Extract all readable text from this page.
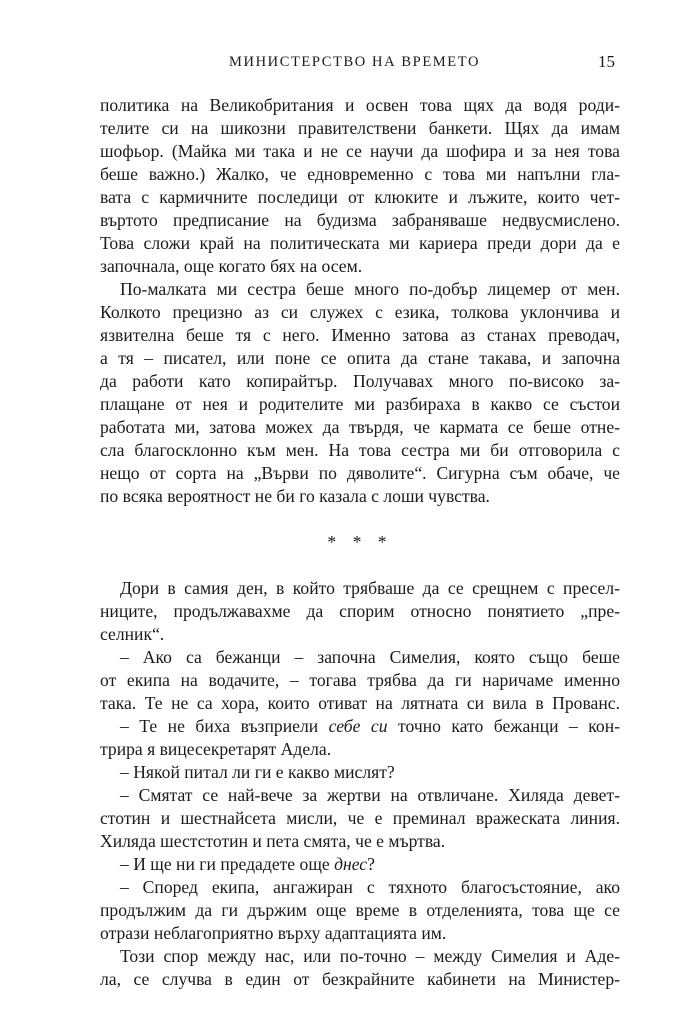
МИНИСТЕРСТВО НА ВРЕМЕТО	15
политика на Великобритания и освен това щях да водя роди-
телите си на шикозни правителствени банкети. Щях да имам
шофьор. (Майка ми така и не се научи да шофира и за нея това
беше важно.) Жалко, че едновременно с това ми напълни гла-
вата с кармичните последици от клюките и лъжите, които чет-
въртото предписание на будизма забраняваше недвусмислено.
Това сложи край на политическата ми кариера преди дори да е
започнала, още когато бях на осем.
По-малката ми сестра беше много по-добър лицемер от мен.
Колкото прецизно аз си служех с езика, толкова уклончива и
язвителна беше тя с него. Именно затова аз станах преводач,
а тя – писател, или поне се опита да стане такава, и започна
да работи като копирайтър. Получавах много по-високо за-
плащане от нея и родителите ми разбираха в какво се състои
работата ми, затова можех да твърдя, че кармата се беше отне-
сла благосклонно към мен. На това сестра ми би отговорила с
нещо от сорта на „Върви по дяволите“. Сигурна съм обаче, че
по всяка вероятност не би го казала с лоши чувства.
* * *
Дори в самия ден, в който трябваше да се срещнем с пресел-
ниците, продължавахме да спорим относно понятието „пре-
селник“.
– Ако са бежанци – започна Симелия, която също беше
от екипа на водачите, – тогава трябва да ги наричаме именно
така. Те не са хора, които отиват на лятната си вила в Прованс.
– Те не биха възприели себе си точно като бежанци – кон-
трира я вицесекретарят Адела.
– Някой питал ли ги е какво мислят?
– Смятат се най-вече за жертви на отвличане. Хиляда девет-
стотин и шестнайсета мисли, че е преминал вражеската линия.
Хиляда шестстотин и пета смята, че е мъртва.
– И ще ни ги предадете още днес?
– Според екипа, ангажиран с тяхното благосъстояние, ако
продължим да ги държим още време в отделенията, това ще се
отрази неблагоприятно върху адаптацията им.
Този спор между нас, или по-точно – между Симелия и Аде-
ла, се случва в един от безкрайните кабинети на Министер-
